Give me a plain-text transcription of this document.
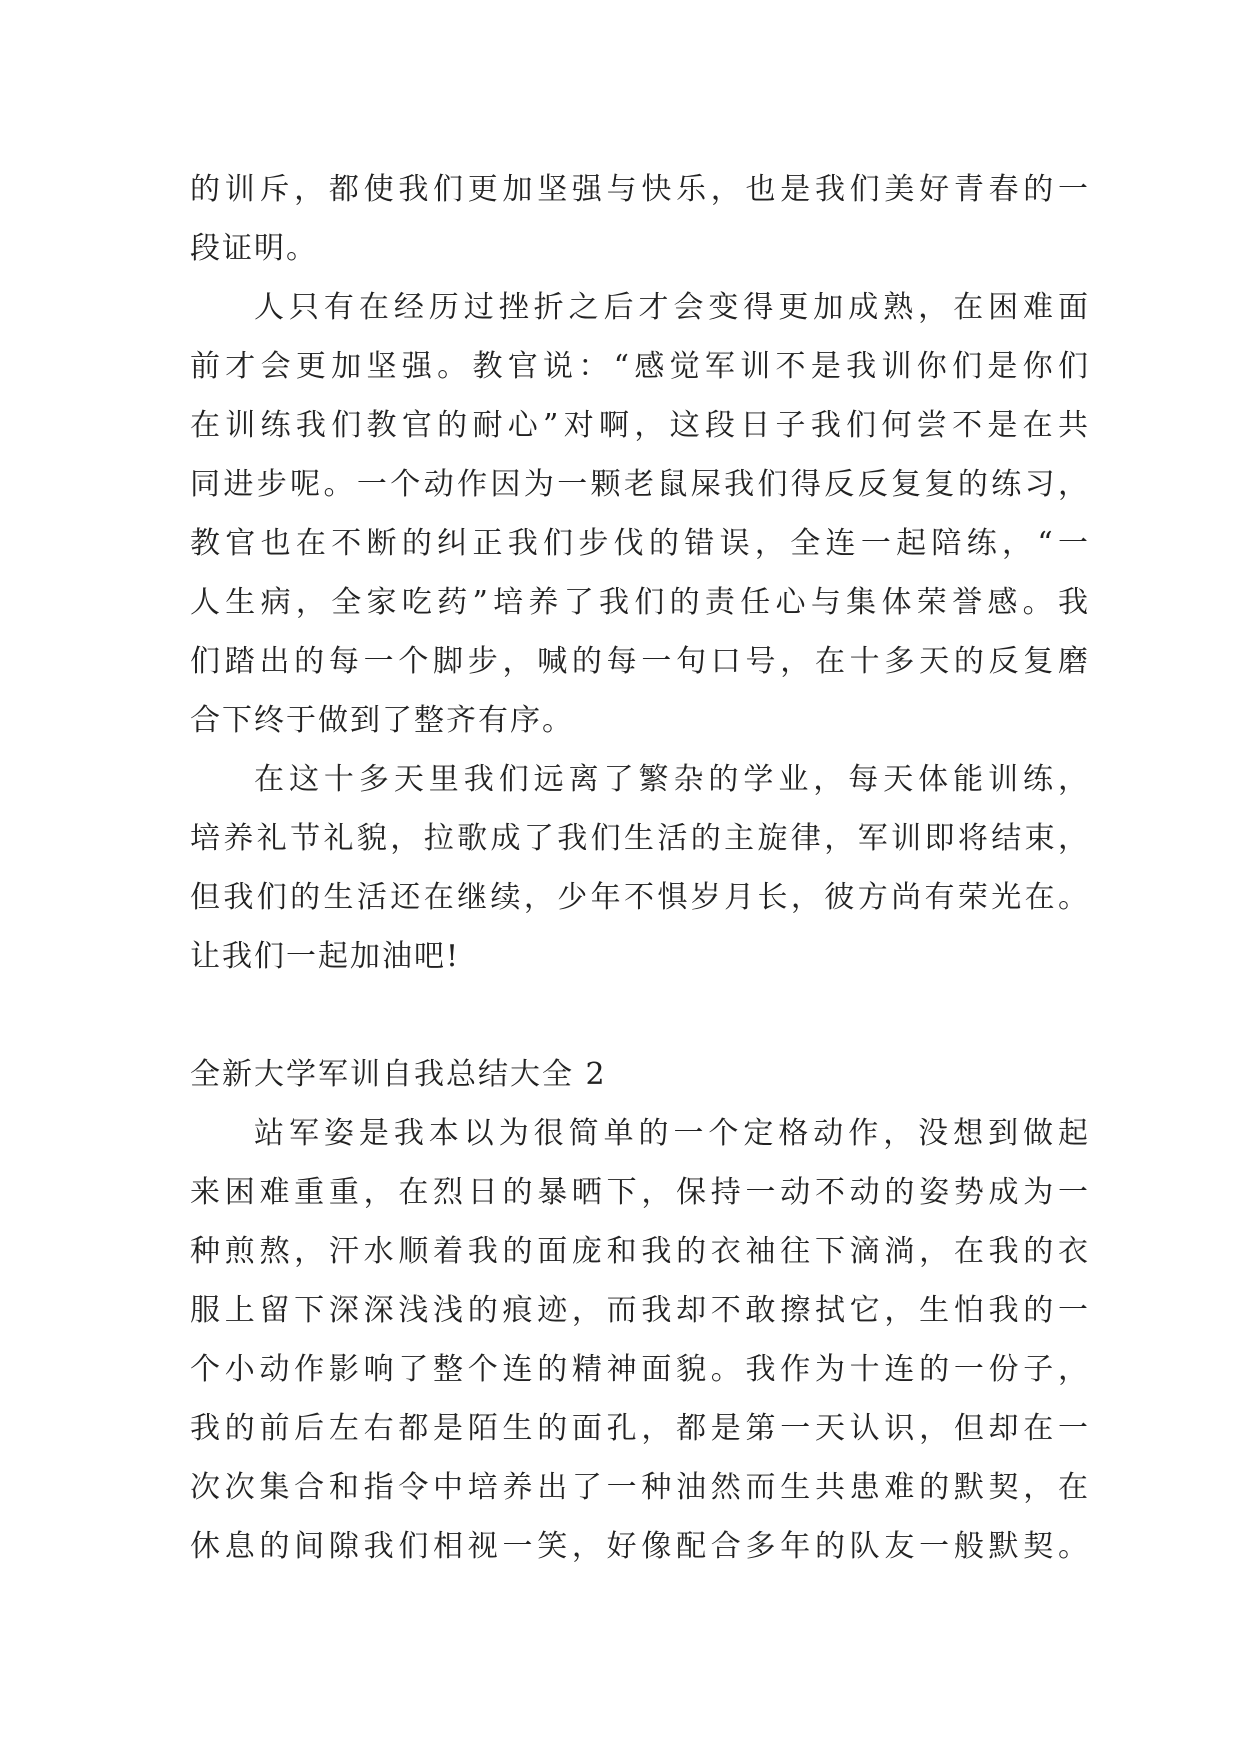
的训斥，都使我们更加坚强与快乐，也是我们美好青春的一
段证明。
人只有在经历过挫折之后才会变得更加成熟，在困难面
前才会更加坚强。教官说：“感觉军训不是我训你们是你们
在训练我们教官的耐心”对啊，这段日子我们何尝不是在共
同进步呢。一个动作因为一颗老鼠屎我们得反反复复的练习，
教官也在不断的纠正我们步伐的错误，全连一起陪练，“一
人生病，全家吃药”培养了我们的责任心与集体荣誉感。我
们踏出的每一个脚步，喊的每一句口号，在十多天的反复磨
合下终于做到了整齐有序。
在这十多天里我们远离了繁杂的学业，每天体能训练，
培养礼节礼貌，拉歌成了我们生活的主旋律，军训即将结束，
但我们的生活还在继续，少年不惧岁月长，彼方尚有荣光在。
让我们一起加油吧!
全新大学军训自我总结大全 2
站军姿是我本以为很简单的一个定格动作，没想到做起
来困难重重，在烈日的暴晒下，保持一动不动的姿势成为一
种煎熬，汗水顺着我的面庞和我的衣袖往下滴淌，在我的衣
服上留下深深浅浅的痕迹，而我却不敢擦拭它，生怕我的一
个小动作影响了整个连的精神面貌。我作为十连的一份子，
我的前后左右都是陌生的面孔，都是第一天认识，但却在一
次次集合和指令中培养出了一种油然而生共患难的默契，在
休息的间隙我们相视一笑，好像配合多年的队友一般默契。
